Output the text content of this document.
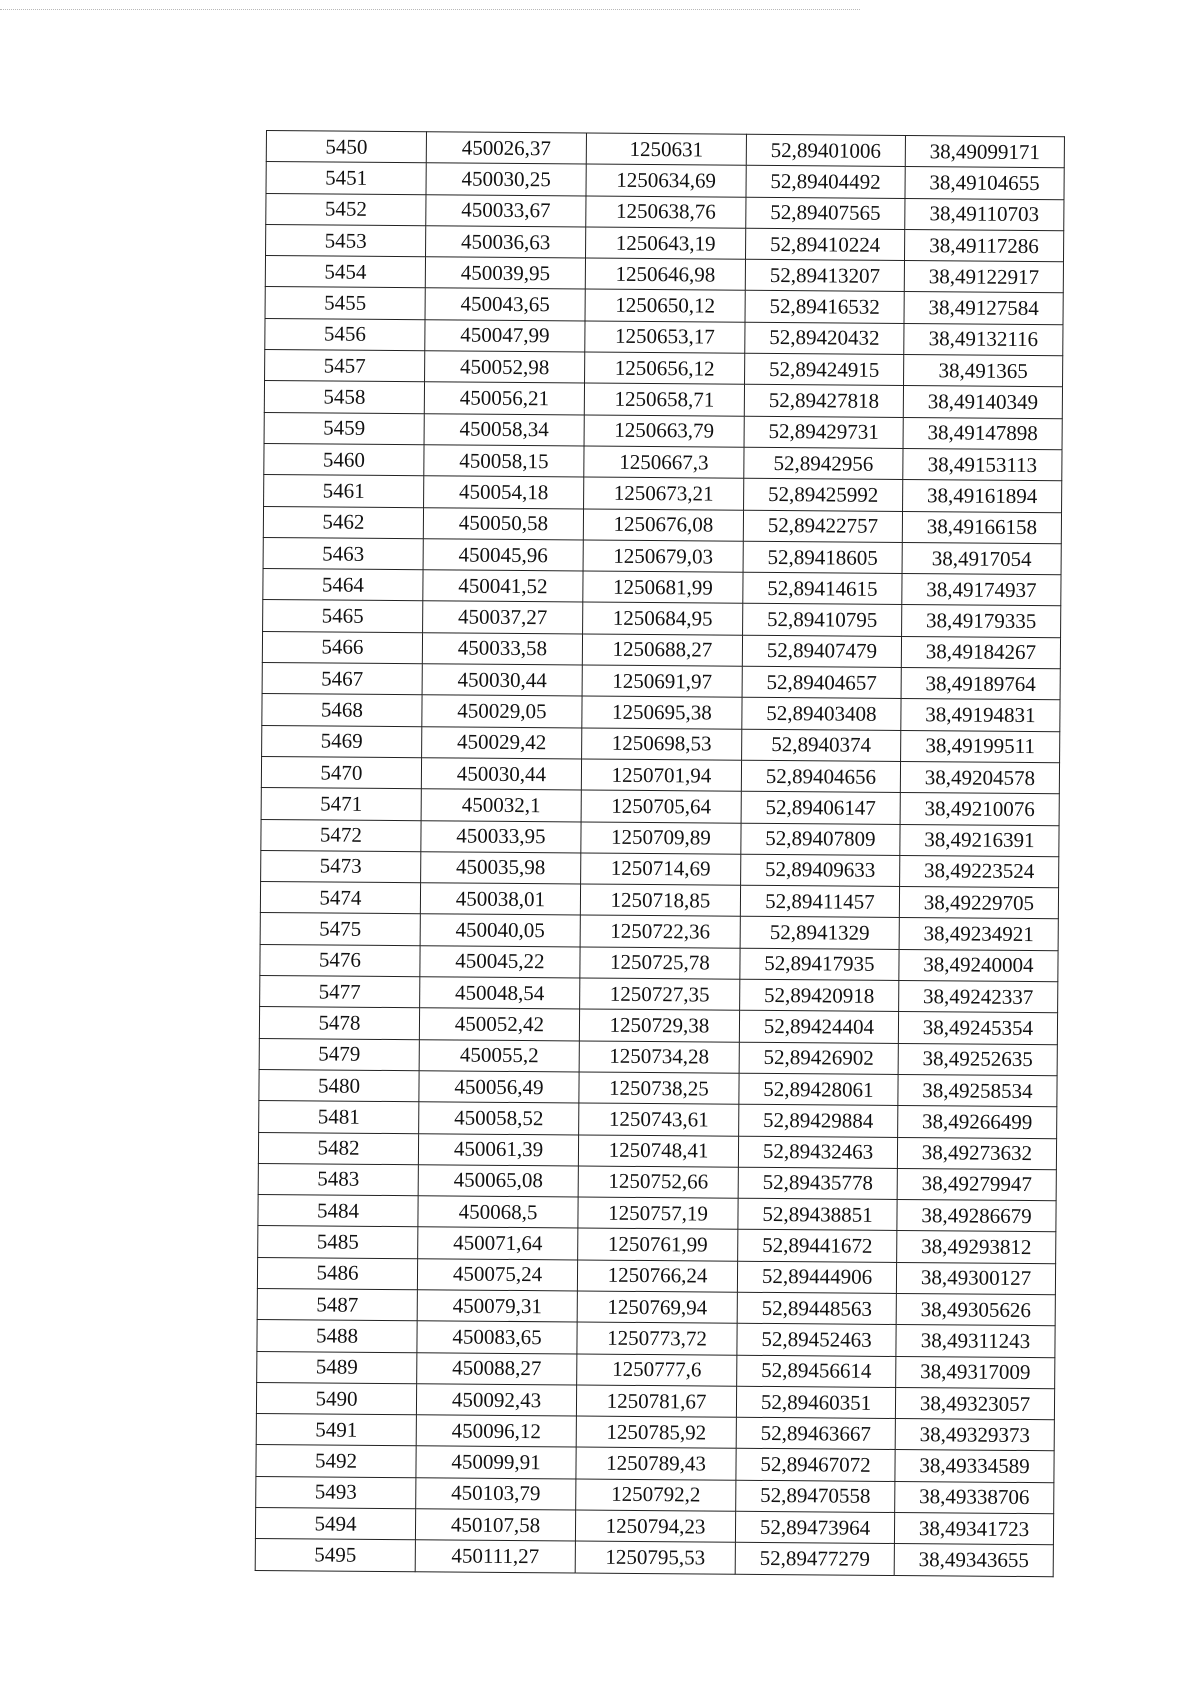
5450	450026,37	1250631	52,89401006	38,49099171
5451	450030,25	1250634,69	52,89404492	38,49104655
5452	450033,67	1250638,76	52,89407565	38,49110703
5453	450036,63	1250643,19	52,89410224	38,49117286
5454	450039,95	1250646,98	52,89413207	38,49122917
5455	450043,65	1250650,12	52,89416532	38,49127584
5456	450047,99	1250653,17	52,89420432	38,49132116
5457	450052,98	1250656,12	52,89424915	38,491365
5458	450056,21	1250658,71	52,89427818	38,49140349
5459	450058,34	1250663,79	52,89429731	38,49147898
5460	450058,15	1250667,3	52,8942956	38,49153113
5461	450054,18	1250673,21	52,89425992	38,49161894
5462	450050,58	1250676,08	52,89422757	38,49166158
5463	450045,96	1250679,03	52,89418605	38,4917054
5464	450041,52	1250681,99	52,89414615	38,49174937
5465	450037,27	1250684,95	52,89410795	38,49179335
5466	450033,58	1250688,27	52,89407479	38,49184267
5467	450030,44	1250691,97	52,89404657	38,49189764
5468	450029,05	1250695,38	52,89403408	38,49194831
5469	450029,42	1250698,53	52,8940374	38,49199511
5470	450030,44	1250701,94	52,89404656	38,49204578
5471	450032,1	1250705,64	52,89406147	38,49210076
5472	450033,95	1250709,89	52,89407809	38,49216391
5473	450035,98	1250714,69	52,89409633	38,49223524
5474	450038,01	1250718,85	52,89411457	38,49229705
5475	450040,05	1250722,36	52,8941329	38,49234921
5476	450045,22	1250725,78	52,89417935	38,49240004
5477	450048,54	1250727,35	52,89420918	38,49242337
5478	450052,42	1250729,38	52,89424404	38,49245354
5479	450055,2	1250734,28	52,89426902	38,49252635
5480	450056,49	1250738,25	52,89428061	38,49258534
5481	450058,52	1250743,61	52,89429884	38,49266499
5482	450061,39	1250748,41	52,89432463	38,49273632
5483	450065,08	1250752,66	52,89435778	38,49279947
5484	450068,5	1250757,19	52,89438851	38,49286679
5485	450071,64	1250761,99	52,89441672	38,49293812
5486	450075,24	1250766,24	52,89444906	38,49300127
5487	450079,31	1250769,94	52,89448563	38,49305626
5488	450083,65	1250773,72	52,89452463	38,49311243
5489	450088,27	1250777,6	52,89456614	38,49317009
5490	450092,43	1250781,67	52,89460351	38,49323057
5491	450096,12	1250785,92	52,89463667	38,49329373
5492	450099,91	1250789,43	52,89467072	38,49334589
5493	450103,79	1250792,2	52,89470558	38,49338706
5494	450107,58	1250794,23	52,89473964	38,49341723
5495	450111,27	1250795,53	52,89477279	38,49343655
